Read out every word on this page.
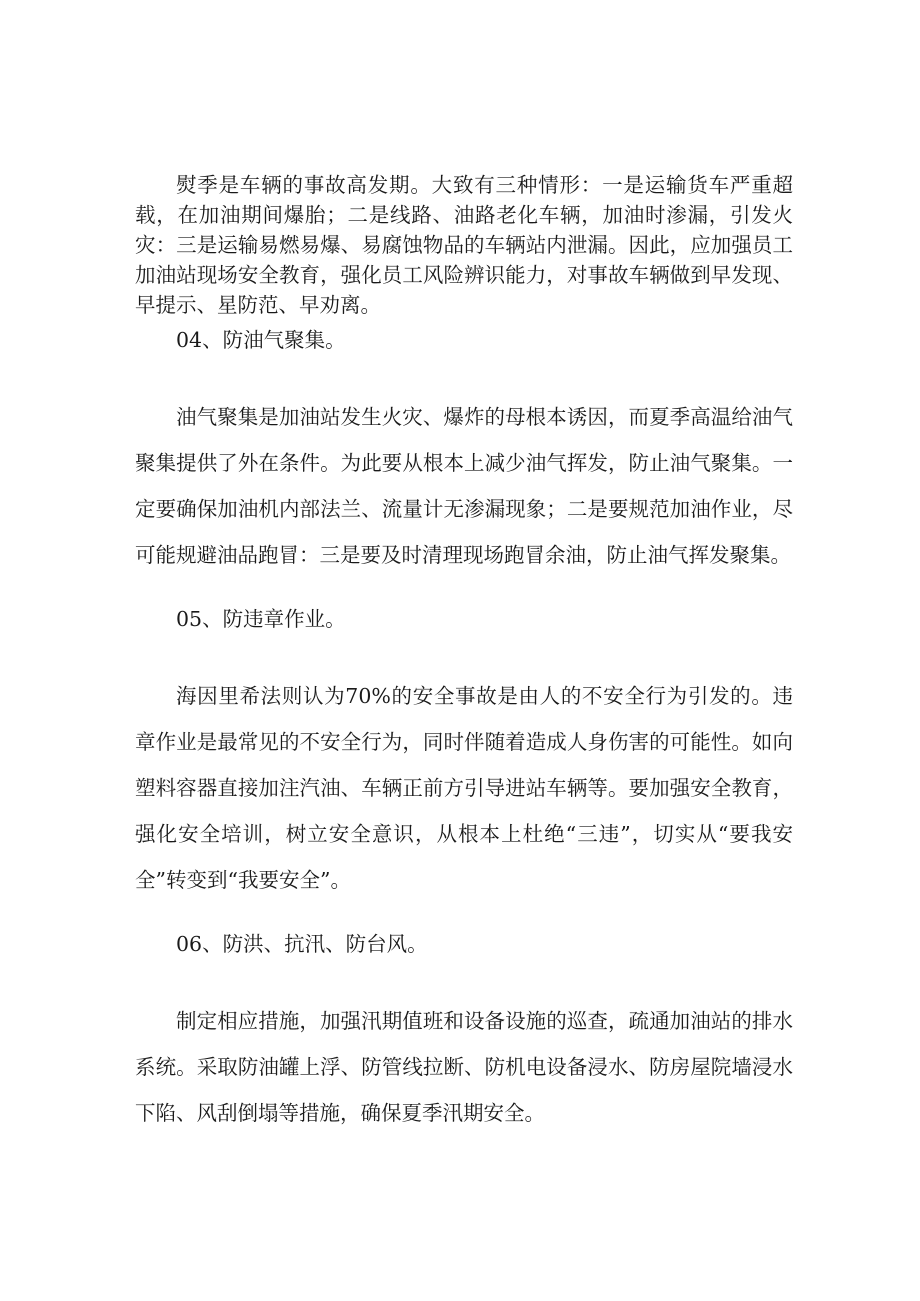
熨季是车辆的事故高发期。大致有三种情形：一是运输货车严重超载，在加油期间爆胎；二是线路、油路老化车辆，加油时渗漏，引发火灾：三是运输易燃易爆、易腐蚀物品的车辆站内泄漏。因此，应加强员工加油站现场安全教育，强化员工风险辨识能力，对事故车辆做到早发现、早提示、星防范、早劝离。

04、防油气聚集。

油气聚集是加油站发生火灾、爆炸的母根本诱因，而夏季高温给油气聚集提供了外在条件。为此要从根本上减少油气挥发，防止油气聚集。一定要确保加油机内部法兰、流量计无渗漏现象；二是要规范加油作业，尽可能规避油品跑冒：三是要及时清理现场跑冒余油，防止油气挥发聚集。

05、防违章作业。

海因里希法则认为70%的安全事故是由人的不安全行为引发的。违章作业是最常见的不安全行为，同时伴随着造成人身伤害的可能性。如向塑料容器直接加注汽油、车辆正前方引导进站车辆等。要加强安全教育，强化安全培训，树立安全意识，从根本上杜绝“三违”，切实从“要我安全”转变到“我要安全”。

06、防洪、抗汛、防台风。

制定相应措施，加强汛期值班和设备设施的巡查，疏通加油站的排水系统。采取防油罐上浮、防管线拉断、防机电设备浸水、防房屋院墙浸水下陷、风刮倒塌等措施，确保夏季汛期安全。
